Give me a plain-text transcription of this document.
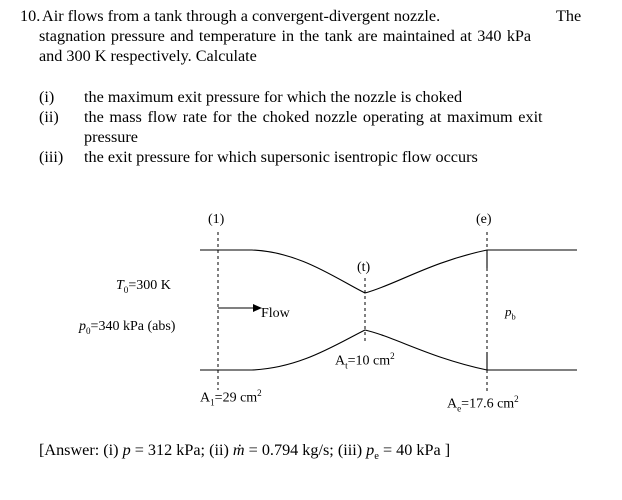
10. Air flows from a tank through a convergent-divergent nozzle.	The
stagnation pressure and temperature in the tank are maintained at 340 kPa
and 300 K respectively. Calculate
(i) the maximum exit pressure for which the nozzle is choked
(ii) the mass flow rate for the choked nozzle operating at maximum exit
pressure
(iii) the exit pressure for which supersonic isentropic flow occurs
(1)
(t)
(e)
$T_0=300$ K
$p_0=340$ kPa (abs)
Flow	$p_b$
$A_t=10$ $cm^2$
$A_1=29$ $cm^2$
$A_e=17.6$ $cm^2$
[Answer: (i) p = 312 kPa; (ii) ṁ = 0.794 kg/s; (iii) $p_e = 40$ kPa ]
